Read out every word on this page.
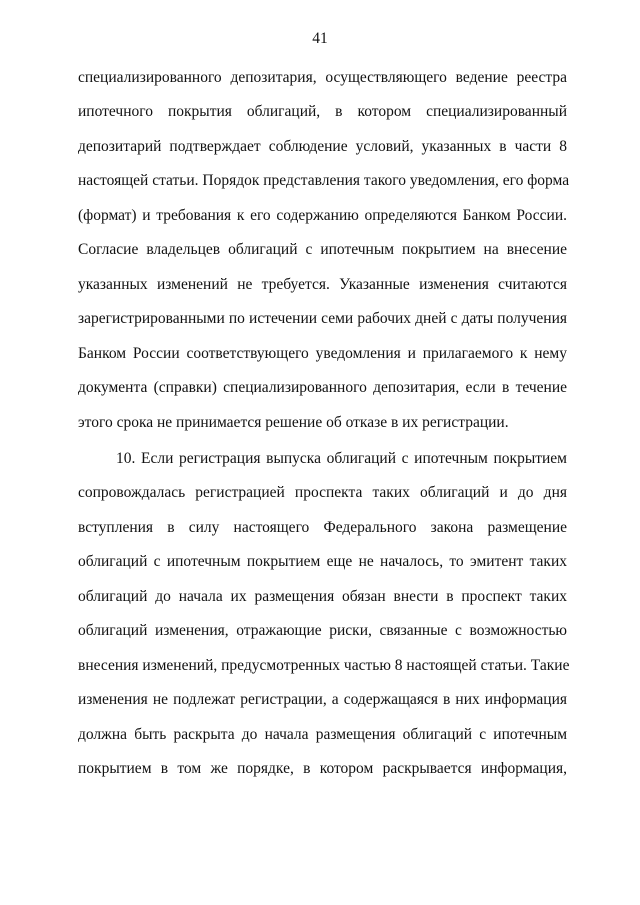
41
специализированного депозитария, осуществляющего ведение реестра
ипотечного покрытия облигаций, в котором специализированный
депозитарий подтверждает соблюдение условий, указанных в части 8
настоящей статьи. Порядок представления такого уведомления, его форма
(формат) и требования к его содержанию определяются Банком России.
Согласие владельцев облигаций с ипотечным покрытием на внесение
указанных изменений не требуется. Указанные изменения считаются
зарегистрированными по истечении семи рабочих дней с даты получения
Банком России соответствующего уведомления и прилагаемого к нему
документа (справки) специализированного депозитария, если в течение
этого срока не принимается решение об отказе в их регистрации.
10. Если регистрация выпуска облигаций с ипотечным покрытием
сопровождалась регистрацией проспекта таких облигаций и до дня
вступления в силу настоящего Федерального закона размещение
облигаций с ипотечным покрытием еще не началось, то эмитент таких
облигаций до начала их размещения обязан внести в проспект таких
облигаций изменения, отражающие риски, связанные с возможностью
внесения изменений, предусмотренных частью 8 настоящей статьи. Такие
изменения не подлежат регистрации, а содержащаяся в них информация
должна быть раскрыта до начала размещения облигаций с ипотечным
покрытием в том же порядке, в котором раскрывается информация,
